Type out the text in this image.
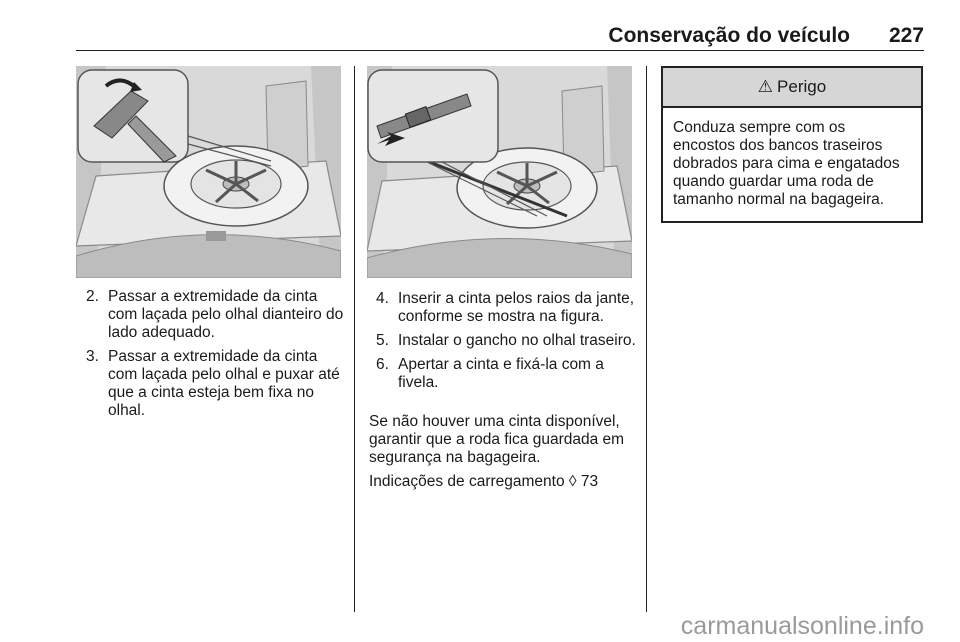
Conservação do veículo 227
2. Passar a extremidade da cinta com laçada pelo olhal dianteiro do lado adequado.
3. Passar a extremidade da cinta com laçada pelo olhal e puxar até que a cinta esteja bem fixa no olhal.
4. Inserir a cinta pelos raios da jante, conforme se mostra na figura.
5. Instalar o gancho no olhal traseiro.
6. Apertar a cinta e fixá-la com a fivela.

Se não houver uma cinta disponível, garantir que a roda fica guardada em segurança na bagageira.

Indicações de carregamento ◊ 73

⚠ Perigo
Conduza sempre com os encostos dos bancos traseiros dobrados para cima e engatados quando guardar uma roda de tamanho normal na bagageira.
carmanualsonline.info
